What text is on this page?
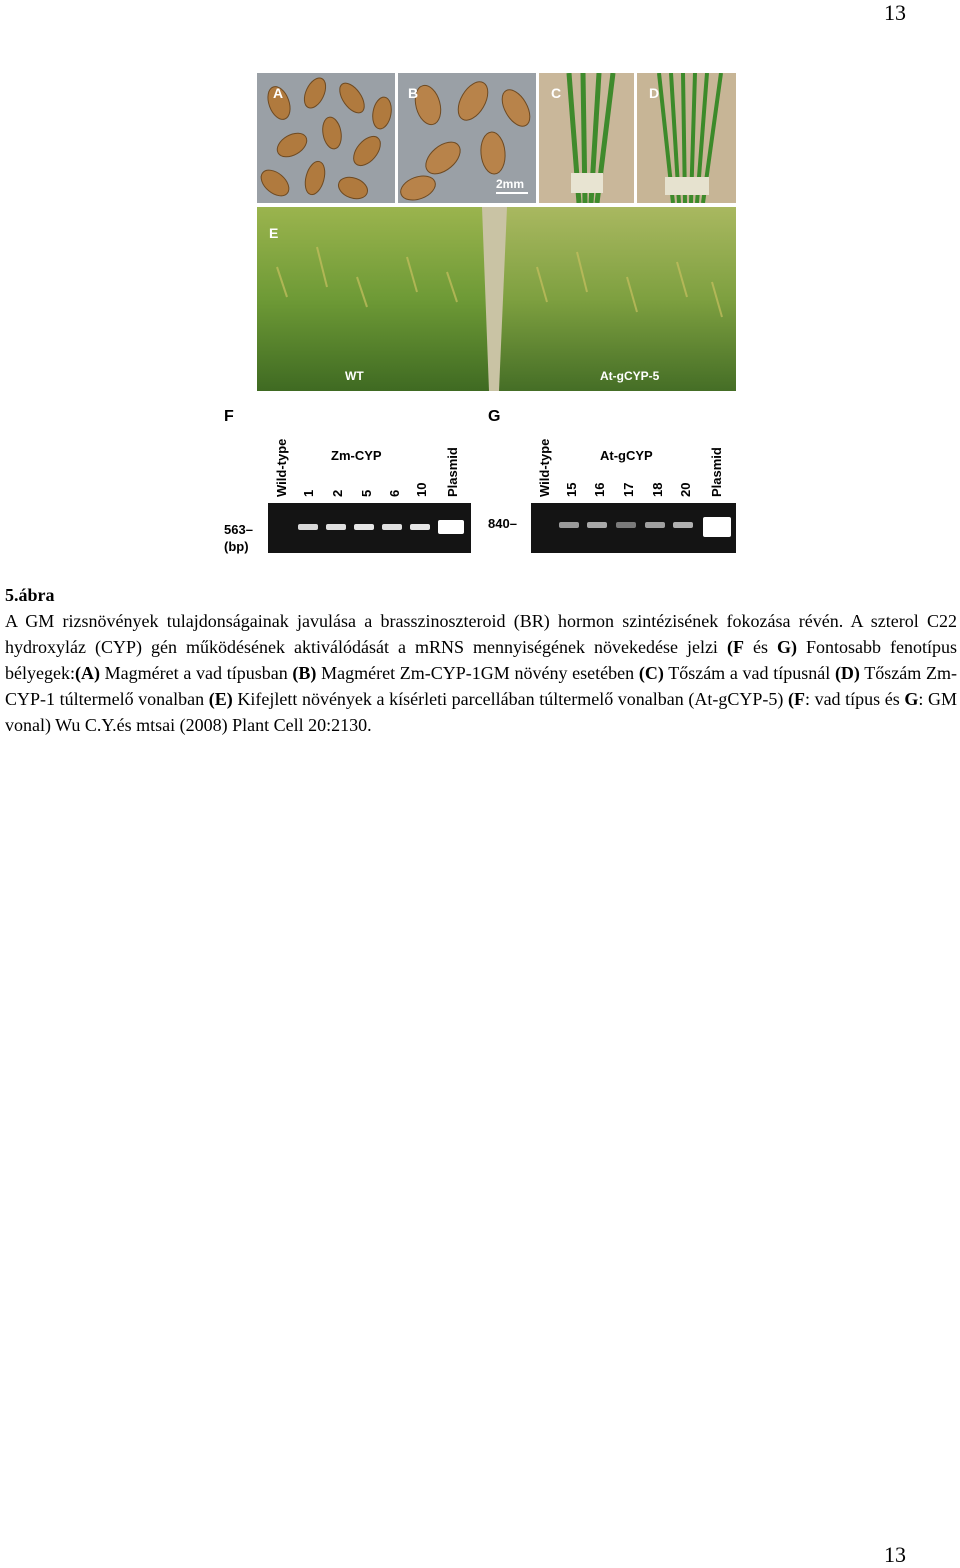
13
A	B
2mm
C	D
E
WT	At-gCYP-5
F
Zm-CYP
Wild-type 1 2 5 6 10 Plasmid
563–
(bp)
G
At-gCYP
Wild-type 15 16 17 18 20 Plasmid
840–
5.ábra
A GM rizsnövények tulajdonságainak javulása a brasszinoszteroid (BR) hormon szintézisének fokozása révén. A szterol C22 hydroxyláz (CYP) gén működésének aktiválódását a mRNS mennyiségének növekedése jelzi (F és G) Fontosabb fenotípus bélyegek:(A) Magméret a vad típusban (B) Magméret Zm-CYP-1GM növény esetében (C) Tőszám a vad típusnál (D) Tőszám Zm-CYP-1 túltermelő vonalban (E) Kifejlett növények a kísérleti parcellában túltermelő vonalban (At-gCYP-5) (F: vad típus és G: GM vonal) Wu C.Y.és mtsai (2008) Plant Cell 20:2130.
13
